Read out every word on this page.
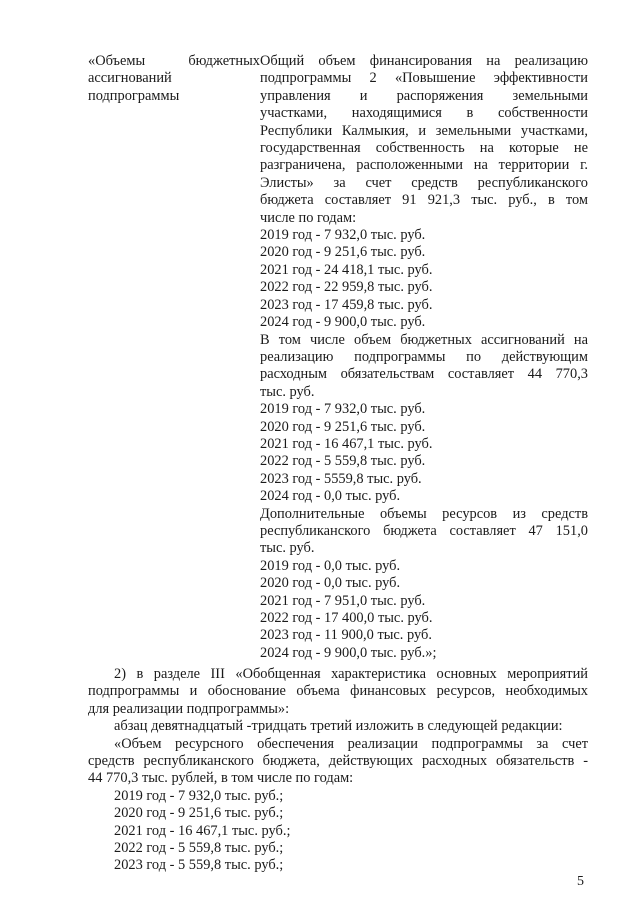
«Объемы бюджетных
ассигнований
подпрограммы
Общий объем финансирования на реализацию
подпрограммы 2 «Повышение эффективности
управления и распоряжения земельными
участками, находящимися в собственности
Республики Калмыкия, и земельными участками,
государственная собственность на которые не
разграничена, расположенными на территории г.
Элисты» за счет средств республиканского
бюджета составляет 91 921,3 тыс. руб., в том
числе по годам:
2019 год - 7 932,0 тыс. руб.
2020 год - 9 251,6 тыс. руб.
2021 год - 24 418,1 тыс. руб.
2022 год - 22 959,8 тыс. руб.
2023 год - 17 459,8 тыс. руб.
2024 год - 9 900,0 тыс. руб.
В том числе объем бюджетных ассигнований на
реализацию подпрограммы по действующим
расходным обязательствам составляет 44 770,3
тыс. руб.
2019 год - 7 932,0 тыс. руб.
2020 год - 9 251,6 тыс. руб.
2021 год - 16 467,1 тыс. руб.
2022 год - 5 559,8 тыс. руб.
2023 год - 5559,8 тыс. руб.
2024 год - 0,0 тыс. руб.
Дополнительные объемы ресурсов из средств
республиканского бюджета составляет 47 151,0
тыс. руб.
2019 год - 0,0 тыс. руб.
2020 год - 0,0 тыс. руб.
2021 год - 7 951,0 тыс. руб.
2022 год - 17 400,0 тыс. руб.
2023 год - 11 900,0 тыс. руб.
2024 год - 9 900,0 тыс. руб.»;
2) в разделе III «Обобщенная характеристика основных мероприятий
подпрограммы и обоснование объема финансовых ресурсов, необходимых
для реализации подпрограммы»:
абзац девятнадцатый -тридцать третий изложить в следующей редакции:
«Объем ресурсного обеспечения реализации подпрограммы за счет
средств республиканского бюджета, действующих расходных обязательств -
44 770,3 тыс. рублей, в том числе по годам:
2019 год - 7 932,0 тыс. руб.;
2020 год - 9 251,6 тыс. руб.;
2021 год - 16 467,1 тыс. руб.;
2022 год - 5 559,8 тыс. руб.;
2023 год - 5 559,8 тыс. руб.;
5
